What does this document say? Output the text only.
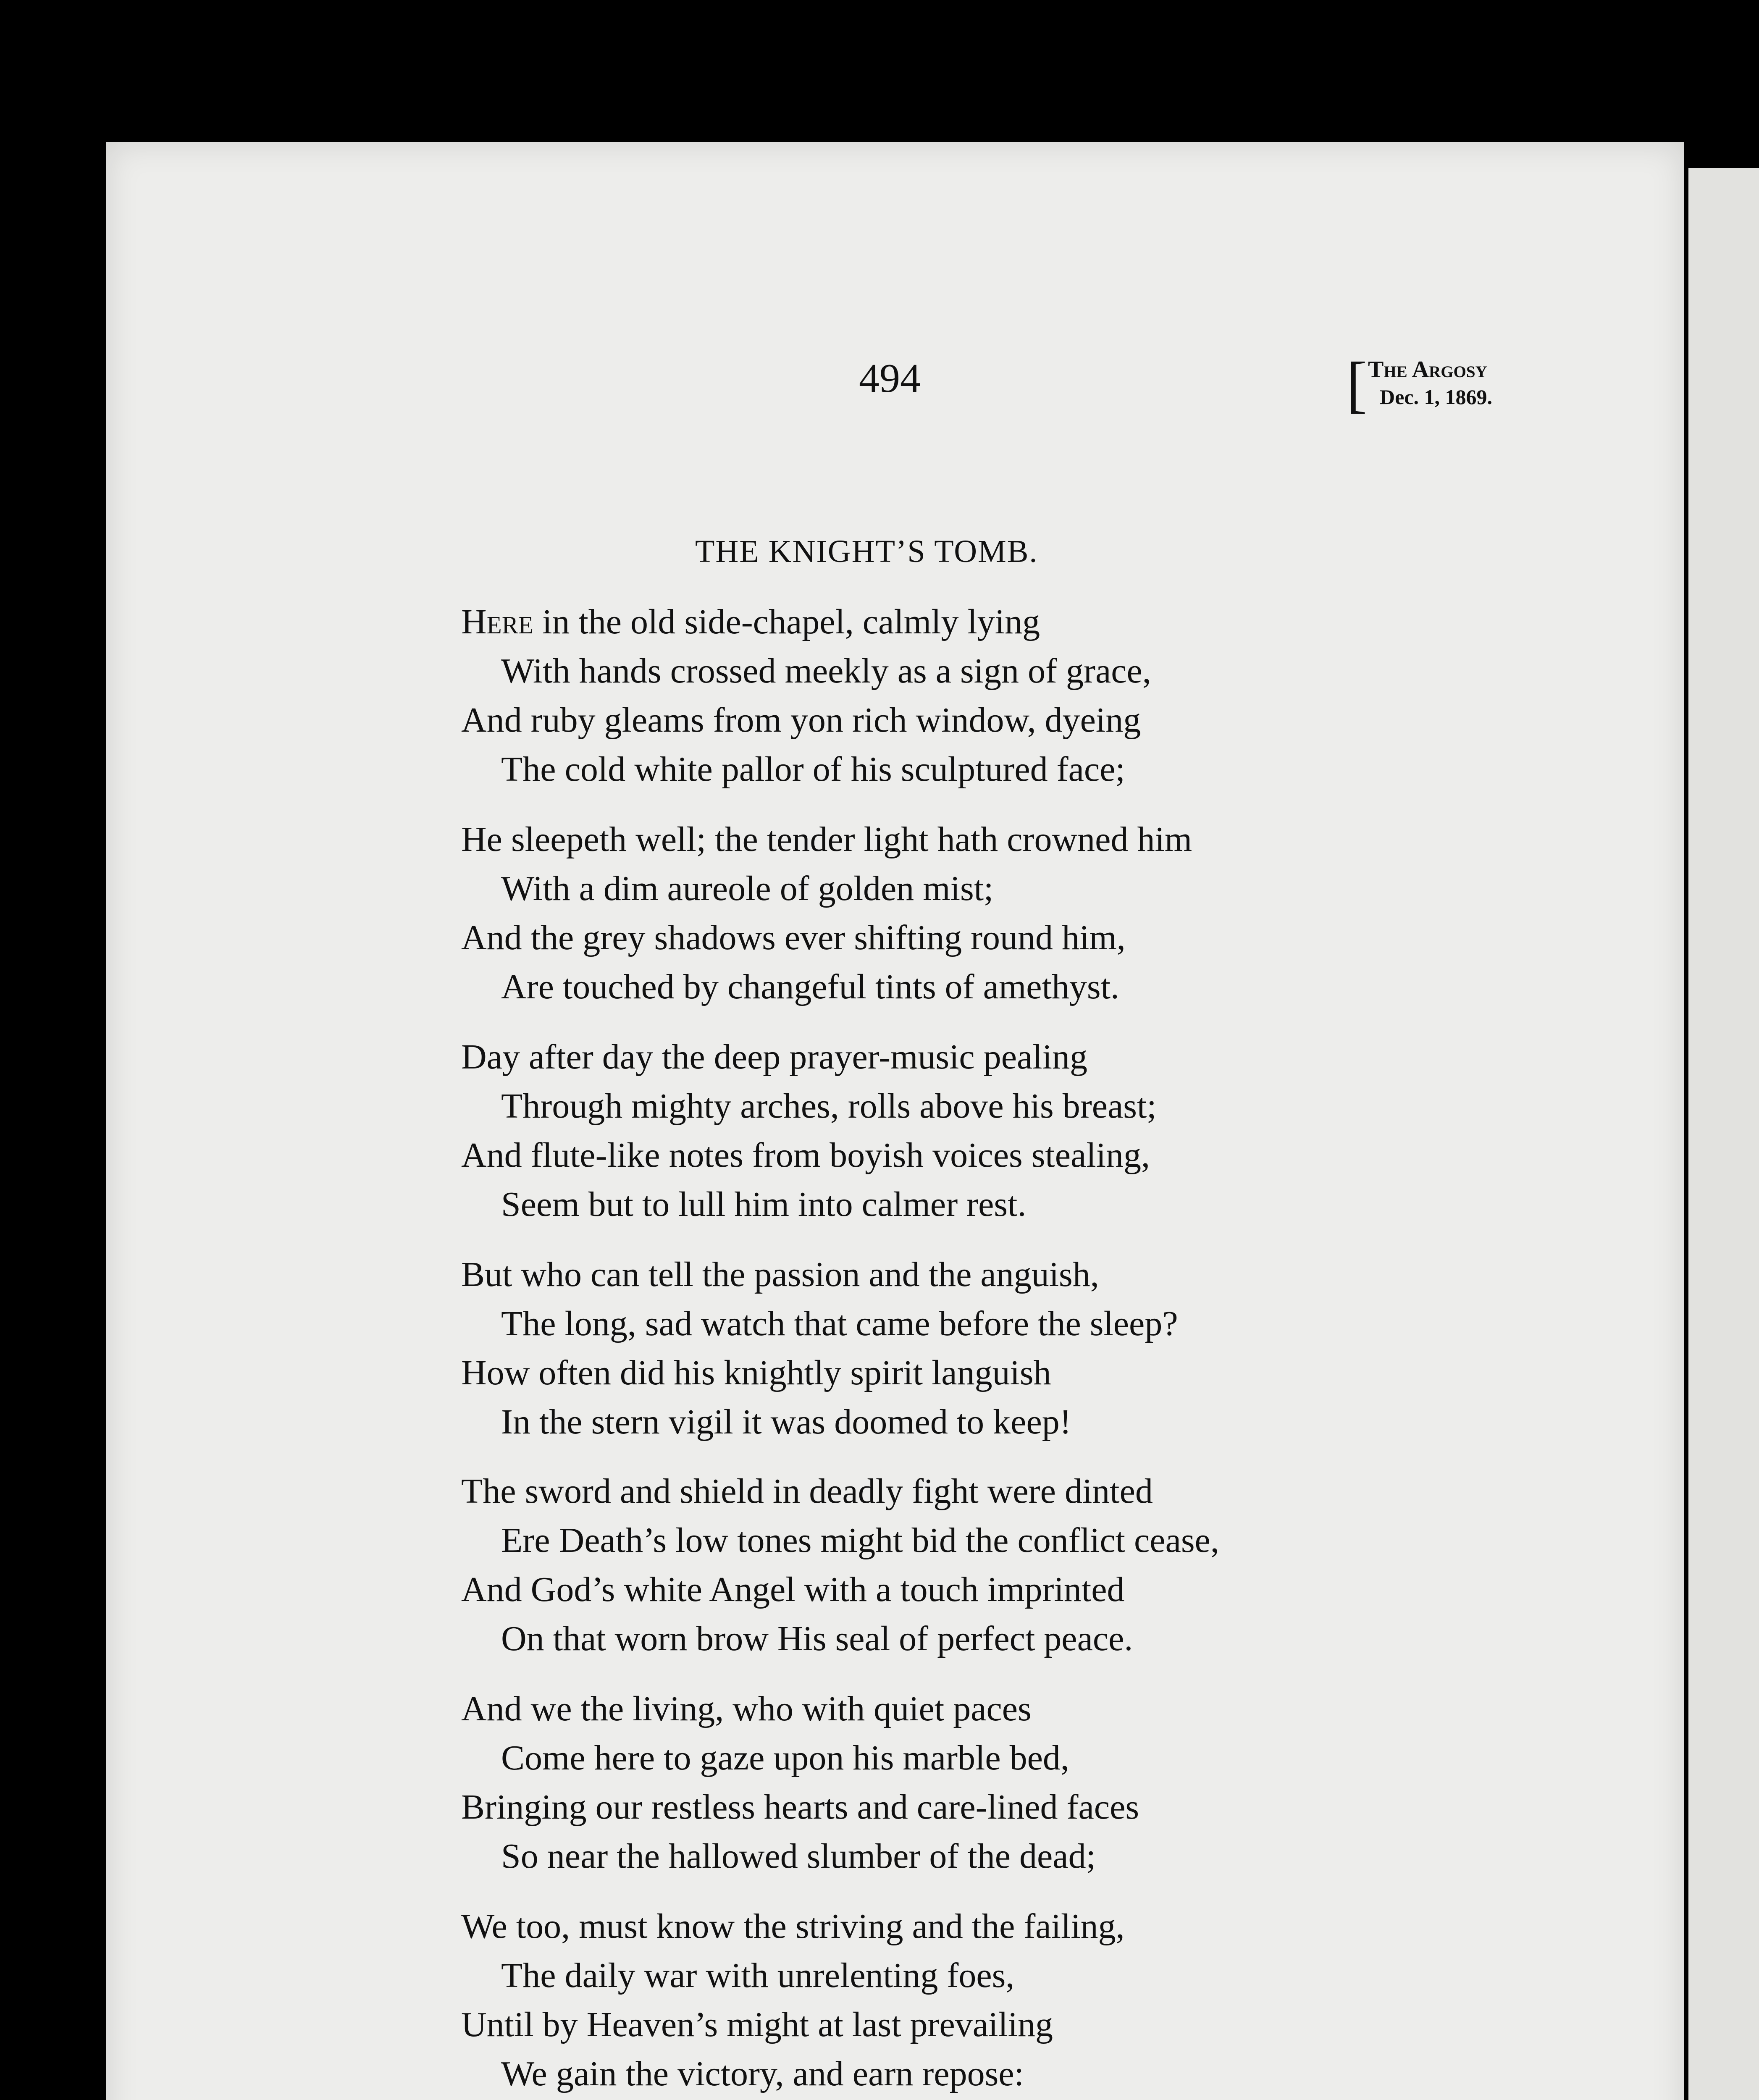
494	[ The Argosy
Dec. 1, 1869.
THE KNIGHT’S TOMB.
Here in the old side-chapel, calmly lying
With hands crossed meekly as a sign of grace,
And ruby gleams from yon rich window, dyeing
The cold white pallor of his sculptured face;
He sleepeth well; the tender light hath crowned him
With a dim aureole of golden mist;
And the grey shadows ever shifting round him,
Are touched by changeful tints of amethyst.
Day after day the deep prayer-music pealing
Through mighty arches, rolls above his breast;
And flute-like notes from boyish voices stealing,
Seem but to lull him into calmer rest.
But who can tell the passion and the anguish,
The long, sad watch that came before the sleep?
How often did his knightly spirit languish
In the stern vigil it was doomed to keep!
The sword and shield in deadly fight were dinted
Ere Death’s low tones might bid the conflict cease,
And God’s white Angel with a touch imprinted
On that worn brow His seal of perfect peace.
And we the living, who with quiet paces
Come here to gaze upon his marble bed,
Bringing our restless hearts and care-lined faces
So near the hallowed slumber of the dead;
We too, must know the striving and the failing,
The daily war with unrelenting foes,
Until by Heaven’s might at last prevailing
We gain the victory, and earn repose:
